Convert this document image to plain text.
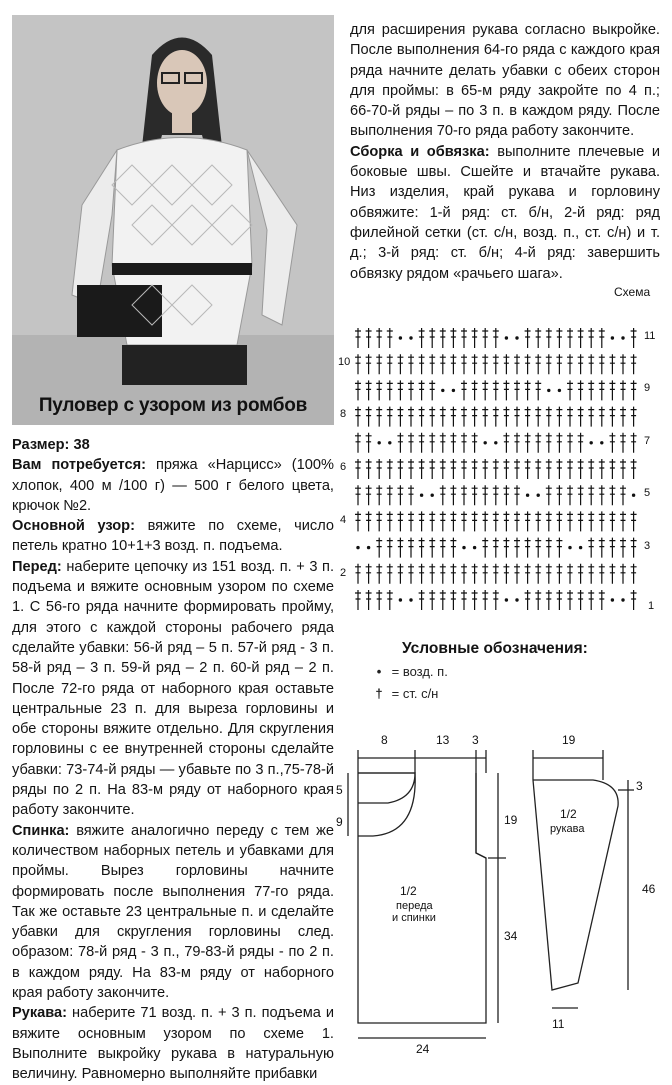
Пуловер с узором из ромбов

Размер: 38

Вам потребуется: пряжа «Нарцисс» (100% хлопок, 400 м /100 г) — 500 г белого цвета, крючок №2.

Основной узор: вяжите по схеме, число петель кратно 10+1+3 возд. п. подъема.

Перед: наберите цепочку из 151 возд. п. + 3 п. подъема и вяжите основным узором по схеме 1. С 56-го ряда начните формировать пройму, для этого с каждой стороны рабочего ряда сделайте убавки: 56-й ряд – 5 п. 57-й ряд - 3 п. 58-й ряд – 3 п. 59-й ряд – 2 п. 60-й ряд – 2 п. После 72-го ряда от наборного края оставьте центральные 23 п. для выреза горловины и обе стороны вяжите отдельно. Для скругления горловины с ее внутренней стороны сделайте убавки: 73-74-й ряды — убавьте по 3 п.,75-78-й ряды по 2 п. На 83-м ряду от наборного края работу закончите.

Спинка: вяжите аналогично переду с тем же количеством наборных петель и убавками для проймы. Вырез горловины начните формировать после выполнения 77-го ряда. Так же оставьте 23 центральные п. и сделайте убавки для скругления горловины след. образом: 78-й ряд - 3 п., 79-83-й ряды - по 2 п. в каждом ряду. На 83-м ряду от наборного края работу закончите.

Рукава: наберите 71 возд. п. + 3 п. подъема и вяжите основным узором по схеме 1. Выполните выкройку рукава в натуральную величину. Равномерно выполняйте прибавки

для расширения рукава согласно выкройке. После выполнения 64-го ряда с каждого края ряда начните делать убавки с обеих сторон для проймы: в 65-м ряду закройте по 4 п.; 66-70-й ряды – по 3 п. в каждом ряду. После выполнения 70-го ряда работу закончите.

Сборка и обвязка: выполните плечевые и боковые швы. Сшейте и втачайте рукава. Низ изделия, край рукава и горловину обвяжите: 1-й ряд: ст. б/н, 2-й ряд: ряд филейной сетки (ст. с/н, возд. п., ст. с/н) и т. д.; 3-й ряд: ст. б/н; 4-й ряд: завершить обвязку рядом «рачьего шага».

Схема
11
9
7
5
3
1
10
8
6
4
2
Условные обозначения:
• = возд. п.
† = ст. с/н
8	13 3
5
9	19
34
24
1/2
переда
и спинки
19
3
46
11
1/2
рукава
